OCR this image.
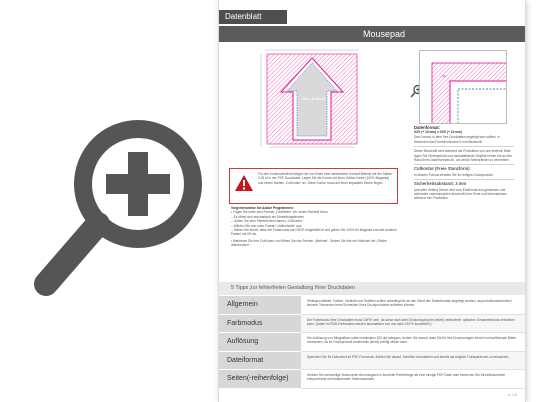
Datenblatt
Mousepad
Mein Entwurf
✂
Datenformat:
XXX (+ 10 mm) x XXX (+ 10 mm)

Das Format, in dem Ihre Druckdaten angelegt sein sollten, in Klammern das Format inklusive 5 mm Beschnitt.

Dieser Beschnitt wird während der Produktion von uns entfernt. Bitte legen Sie Hintergründe und randabfallende Objekte immer bis an den Rand Ihres Datenformats an, um weiße Seitenränder zu vermeiden.

Cutkontur (Freie Stanzform)

In diesem Format erhalten Sie Ihr fertiges Druckprodukt.

Sicherheitsabstand: 3 mm

(auf allen Seiten) Dieser wird vom Endformat aus gemessen und verhindert unerwünschten Anschnitt Ihrer Texte und Informationen während der Produktion.

Für den Konturschnitt benötigen wir von Ihnen eine vektorisierte Kontur/Hilfslinie mit der Stärke 0,25 pt in der PDF-Druckdatei. Legen Sie die Kontur mit einer Vollton-Farbe (100% Magenta) und einem Namen „CutKontur“ an. Diese Kontur muss auf einer separaten Ebene liegen.
Vorgehensweise bei Adobe Programmen:
• Fügen Sie unter dem Fenster „Farbfelder“ ein neues Farbfeld hinzu.
– Es öffnet sich automatisch ein Einstellungsfenster.
– Geben Sie dem Farbfeld den Namen „CutKontur“.
– Wählen Sie nun unter Farbart „Volltonfarbe“ aus.
– Stellen Sie sicher, dass der Farbmodus auf CMYK eingestellt ist und geben Sie 100% für Magenta und alle anderen Farben mit 0% an.
• Markieren Sie Ihre CutKontur und öffnen Sie das Fenster „Attribute“. Setzen Sie hier ein Häkchen bei „Fläche überdrucken“.
5 Tipps zur fehlerfreien Gestaltung Ihrer Druckdaten
Allgemein	Hintergrundbilder, Farben, Verläufe und Grafiken sollten unbedingt bis an den Rand des Datenformats angelegt werden, da produktionstechnisch kleinere Toleranzen beim Schneiden Ihres Druckproduktes auftreten können.
Farbmodus	Der Farbmodus Ihrer Druckdaten muss CMYK sein, da sonst nach dem Druckvorgang ein (leicht) veränderter, optischer Gesamteindruck entstehen kann. (Daten im RGB-Farbmodus werden automatisch von uns nach CMYK konvertiert.)
Auflösung	Die Auflösung von Bildgrafiken sollte mindestens 300 dpi betragen. Achten Sie darauf, dass Sie für Ihre Druckvorlagen immer hochauflösende Bilder verwenden, da Ihr Druckprodukt andernfalls (leicht) pixelig wirken kann.
Dateiformat	Speichern Sie Ihr Dokument im PDF-Format ab. Achten Sie darauf, Schriften einzubetten und bereits als möglich Transparenzen zu reduzieren.
Seiten(-reihenfolge)	Senden Sie mehrseitige Dokumente chronologisch in korrekter Reihenfolge als eine einzige PDF-Datei oder benennen Sie Einzeldokumente entsprechend mit fortlaufenden Seitennummern.
v. 1.0
